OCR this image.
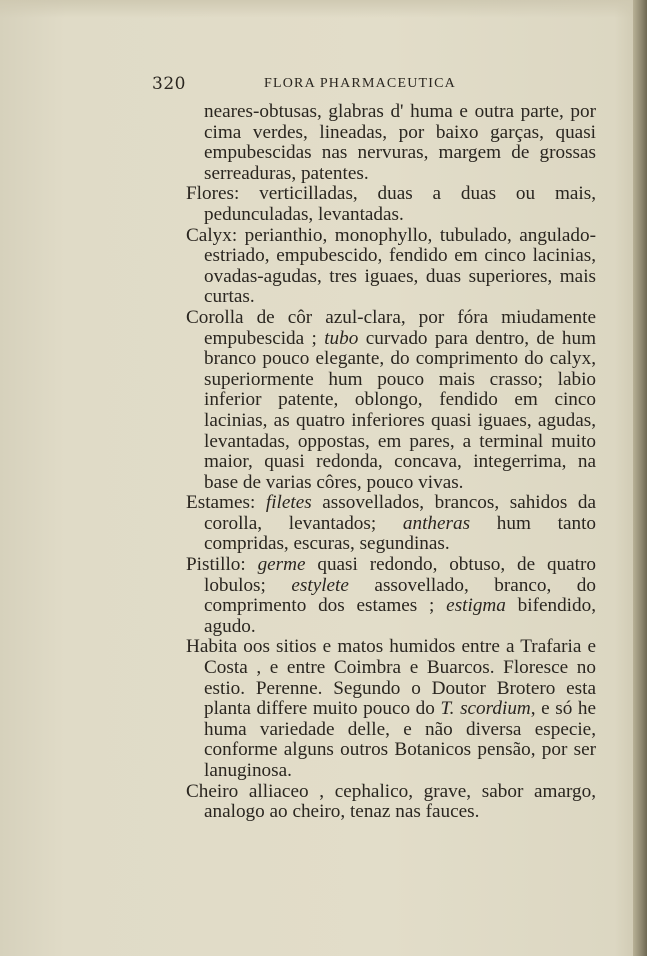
320	FLORA PHARMACEUTICA

neares-obtusas, glabras d' huma e outra parte, por cima verdes, lineadas, por baixo garças, quasi empubescidas nas nervuras, margem de grossas serreaduras, patentes.

Flores: verticilladas, duas a duas ou mais, pedunculadas, levantadas.

Calyx: perianthio, monophyllo, tubulado, angulado-estriado, empubescido, fendido em cinco lacinias, ovadas-agudas, tres iguaes, duas superiores, mais curtas.

Corolla de côr azul-clara, por fóra miudamente empubescida ; tubo curvado para dentro, de hum branco pouco elegante, do comprimento do calyx, superiormente hum pouco mais crasso; labio inferior patente, oblongo, fendido em cinco lacinias, as quatro inferiores quasi iguaes, agudas, levantadas, oppostas, em pares, a terminal muito maior, quasi redonda, concava, integerrima, na base de varias côres, pouco vivas.

Estames: filetes assovellados, brancos, sahidos da corolla, levantados; antheras hum tanto compridas, escuras, segundinas.

Pistillo: germe quasi redondo, obtuso, de quatro lobulos; estylete assovellado, branco, do comprimento dos estames ; estigma bifendido, agudo.

Habita oos sitios e matos humidos entre a Trafaria e Costa , e entre Coimbra e Buarcos. Floresce no estio. Perenne. Segundo o Doutor Brotero esta planta differe muito pouco do T. scordium, e só he huma variedade delle, e não diversa especie, conforme alguns outros Botanicos pensão, por ser lanuginosa.

Cheiro alliaceo , cephalico, grave, sabor amargo, analogo ao cheiro, tenaz nas fauces.
